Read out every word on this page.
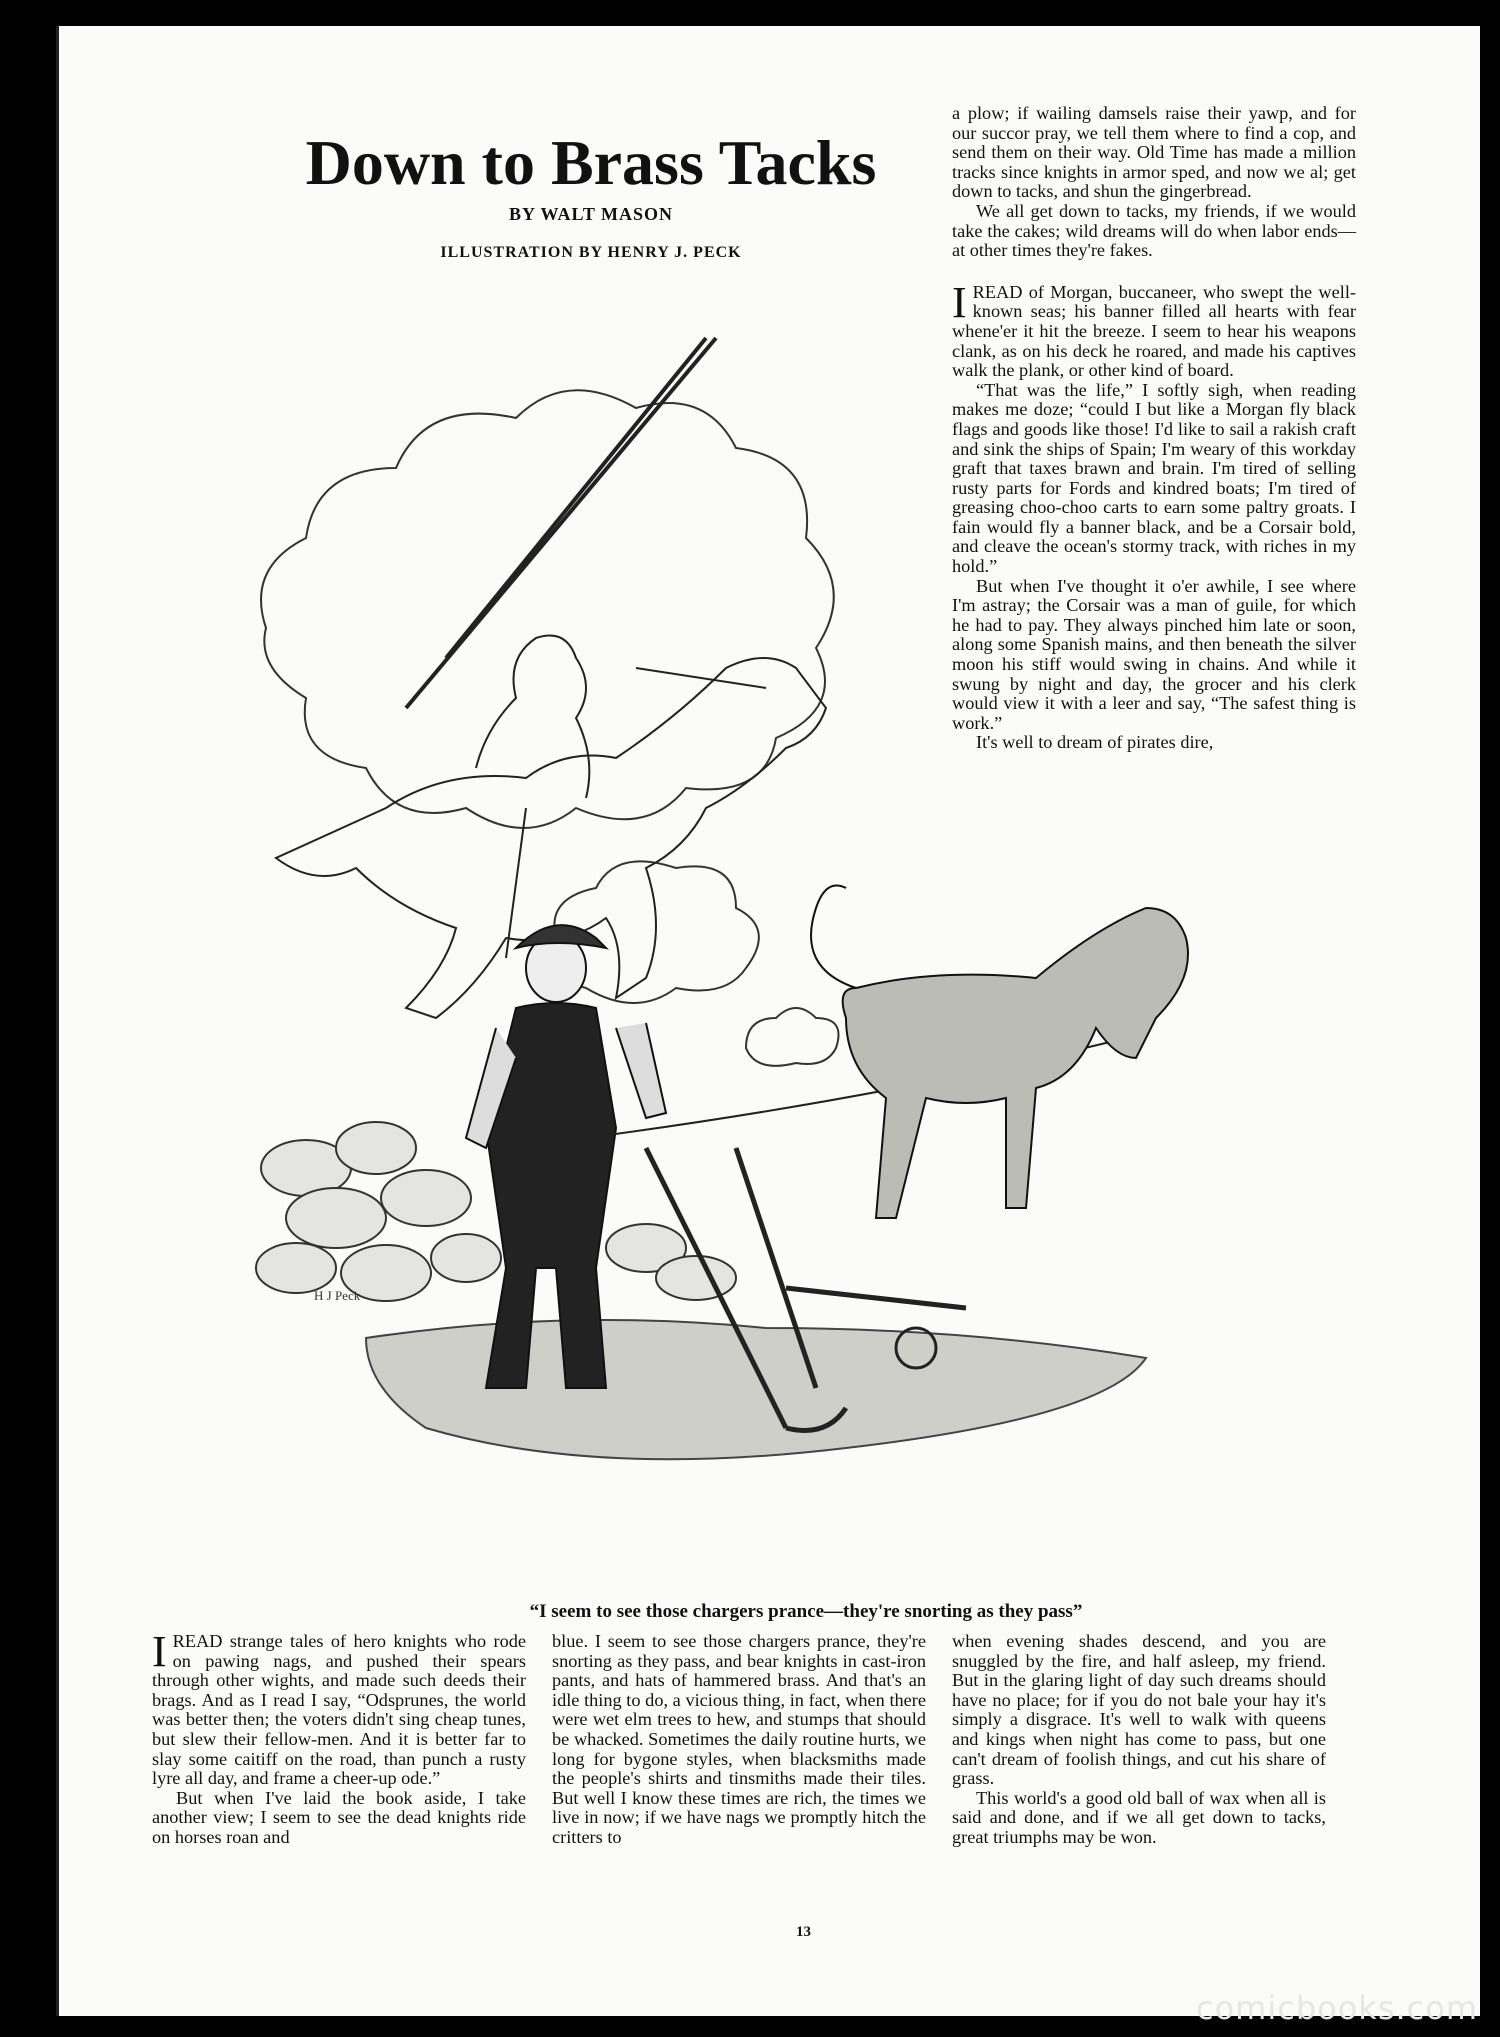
Down to Brass Tacks
BY WALT MASON
ILLUSTRATION BY HENRY J. PECK

a plow; if wailing damsels raise their yawp, and for our succor pray, we tell them where to find a cop, and send them on their way. Old Time has made a million tracks since knights in armor sped, and now we al; get down to tacks, and shun the gingerbread.

We all get down to tacks, my friends, if we would take the cakes; wild dreams will do when labor ends—at other times they're fakes.

IREAD of Morgan, buccaneer, who swept the well-known seas; his banner filled all hearts with fear whene'er it hit the breeze. I seem to hear his weapons clank, as on his deck he roared, and made his captives walk the plank, or other kind of board.

“That was the life,” I softly sigh, when reading makes me doze; “could I but like a Morgan fly black flags and goods like those! I'd like to sail a rakish craft and sink the ships of Spain; I'm weary of this workday graft that taxes brawn and brain. I'm tired of selling rusty parts for Fords and kindred boats; I'm tired of greasing choo-choo carts to earn some paltry groats. I fain would fly a banner black, and be a Corsair bold, and cleave the ocean's stormy track, with riches in my hold.”

But when I've thought it o'er awhile, I see where I'm astray; the Corsair was a man of guile, for which he had to pay. They always pinched him late or soon, along some Spanish mains, and then beneath the silver moon his stiff would swing in chains. And while it swung by night and day, the grocer and his clerk would view it with a leer and say, “The safest thing is work.”

It's well to dream of pirates dire,

H J Peck
“I seem to see those chargers prance—they're snorting as they pass”

IREAD strange tales of hero knights who rode on pawing nags, and pushed their spears through other wights, and made such deeds their brags. And as I read I say, “Odsprunes, the world was better then; the voters didn't sing cheap tunes, but slew their fellow-men. And it is better far to slay some caitiff on the road, than punch a rusty lyre all day, and frame a cheer-up ode.”

But when I've laid the book aside, I take another view; I seem to see the dead knights ride on horses roan and

blue. I seem to see those chargers prance, they're snorting as they pass, and bear knights in cast-iron pants, and hats of hammered brass. And that's an idle thing to do, a vicious thing, in fact, when there were wet elm trees to hew, and stumps that should be whacked. Sometimes the daily routine hurts, we long for bygone styles, when blacksmiths made the people's shirts and tinsmiths made their tiles. But well I know these times are rich, the times we live in now; if we have nags we promptly hitch the critters to

when evening shades descend, and you are snuggled by the fire, and half asleep, my friend. But in the glaring light of day such dreams should have no place; for if you do not bale your hay it's simply a disgrace. It's well to walk with queens and kings when night has come to pass, but one can't dream of foolish things, and cut his share of grass.

This world's a good old ball of wax when all is said and done, and if we all get down to tacks, great triumphs may be won.

13
comicbooks.com
